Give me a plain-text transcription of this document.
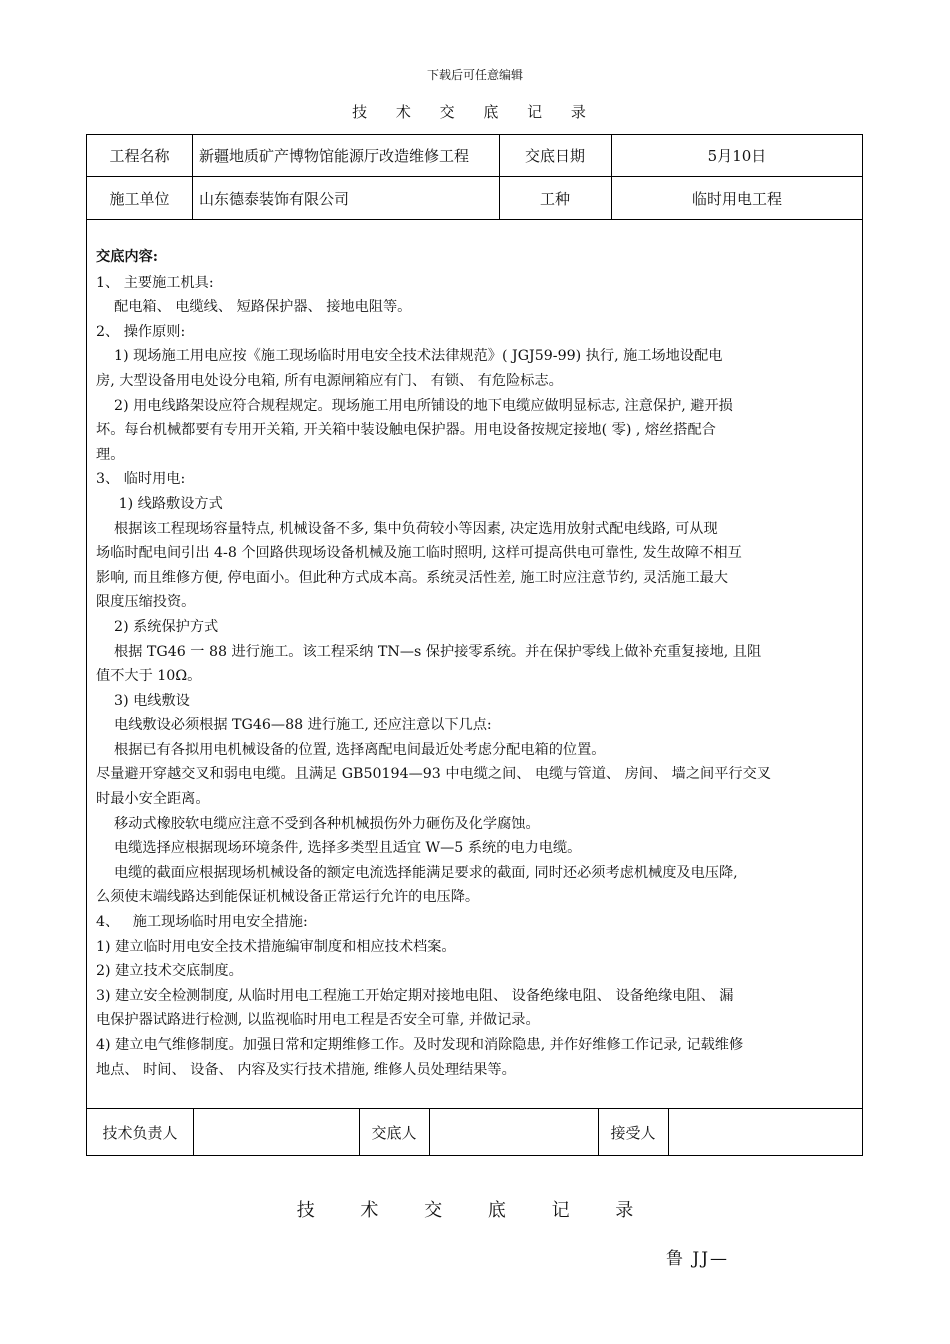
下载后可任意编辑
技 术 交 底 记 录
工程名称	新疆地质矿产博物馆能源厅改造维修工程	交底日期	5月10日
施工单位	山东德泰装饰有限公司	工种	临时用电工程

交底内容:

1、 主要施工机具:

配电箱、 电缆线、 短路保护器、 接地电阻等。

2、 操作原则:

1) 现场施工用电应按《施工现场临时用电安全技术法律规范》( JGJ59-99) 执行, 施工场地设配电

房, 大型设备用电处设分电箱, 所有电源闸箱应有门、 有锁、 有危险标志。

2) 用电线路架设应符合规程规定。现场施工用电所铺设的地下电缆应做明显标志, 注意保护, 避开损

坏。每台机械都要有专用开关箱, 开关箱中装设触电保护器。用电设备按规定接地( 零) , 熔丝搭配合

理。

3、 临时用电:

1) 线路敷设方式

根据该工程现场容量特点, 机械设备不多, 集中负荷较小等因素, 决定选用放射式配电线路, 可从现

场临时配电间引出 4-8 个回路供现场设备机械及施工临时照明, 这样可提高供电可靠性, 发生故障不相互

影响, 而且维修方便, 停电面小。但此种方式成本高。系统灵活性差, 施工时应注意节约, 灵活施工最大

限度压缩投资。

2) 系统保护方式

根据 TG46 一 88 进行施工。该工程采纳 TN—s 保护接零系统。并在保护零线上做补充重复接地, 且阻

值不大于 10Ω。

3) 电线敷设

电线敷设必须根据 TG46—88 进行施工, 还应注意以下几点:

根据已有各拟用电机械设备的位置, 选择离配电间最近处考虑分配电箱的位置。

尽量避开穿越交叉和弱电电缆。且满足 GB50194—93 中电缆之间、 电缆与管道、 房间、 墙之间平行交叉

时最小安全距离。

移动式橡胶软电缆应注意不受到各种机械损伤外力砸伤及化学腐蚀。

电缆选择应根据现场环境条件, 选择多类型且适宜 W—5 系统的电力电缆。

电缆的截面应根据现场机械设备的额定电流选择能满足要求的截面, 同时还必须考虑机械度及电压降,

么须使末端线路达到能保证机械设备正常运行允许的电压降。

4、   施工现场临时用电安全措施:

1) 建立临时用电安全技术措施编审制度和相应技术档案。

2) 建立技术交底制度。

3) 建立安全检测制度, 从临时用电工程施工开始定期对接地电阻、 设备绝缘电阻、 设备绝缘电阻、 漏

电保护器试路进行检测, 以监视临时用电工程是否安全可靠, 并做记录。

4) 建立电气维修制度。加强日常和定期维修工作。及时发现和消除隐患, 并作好维修工作记录, 记载维修

地点、 时间、 设备、 内容及实行技术措施, 维修人员处理结果等。

技术负责人	交底人	接受人
技 术 交 底 记 录
鲁 JJ—
